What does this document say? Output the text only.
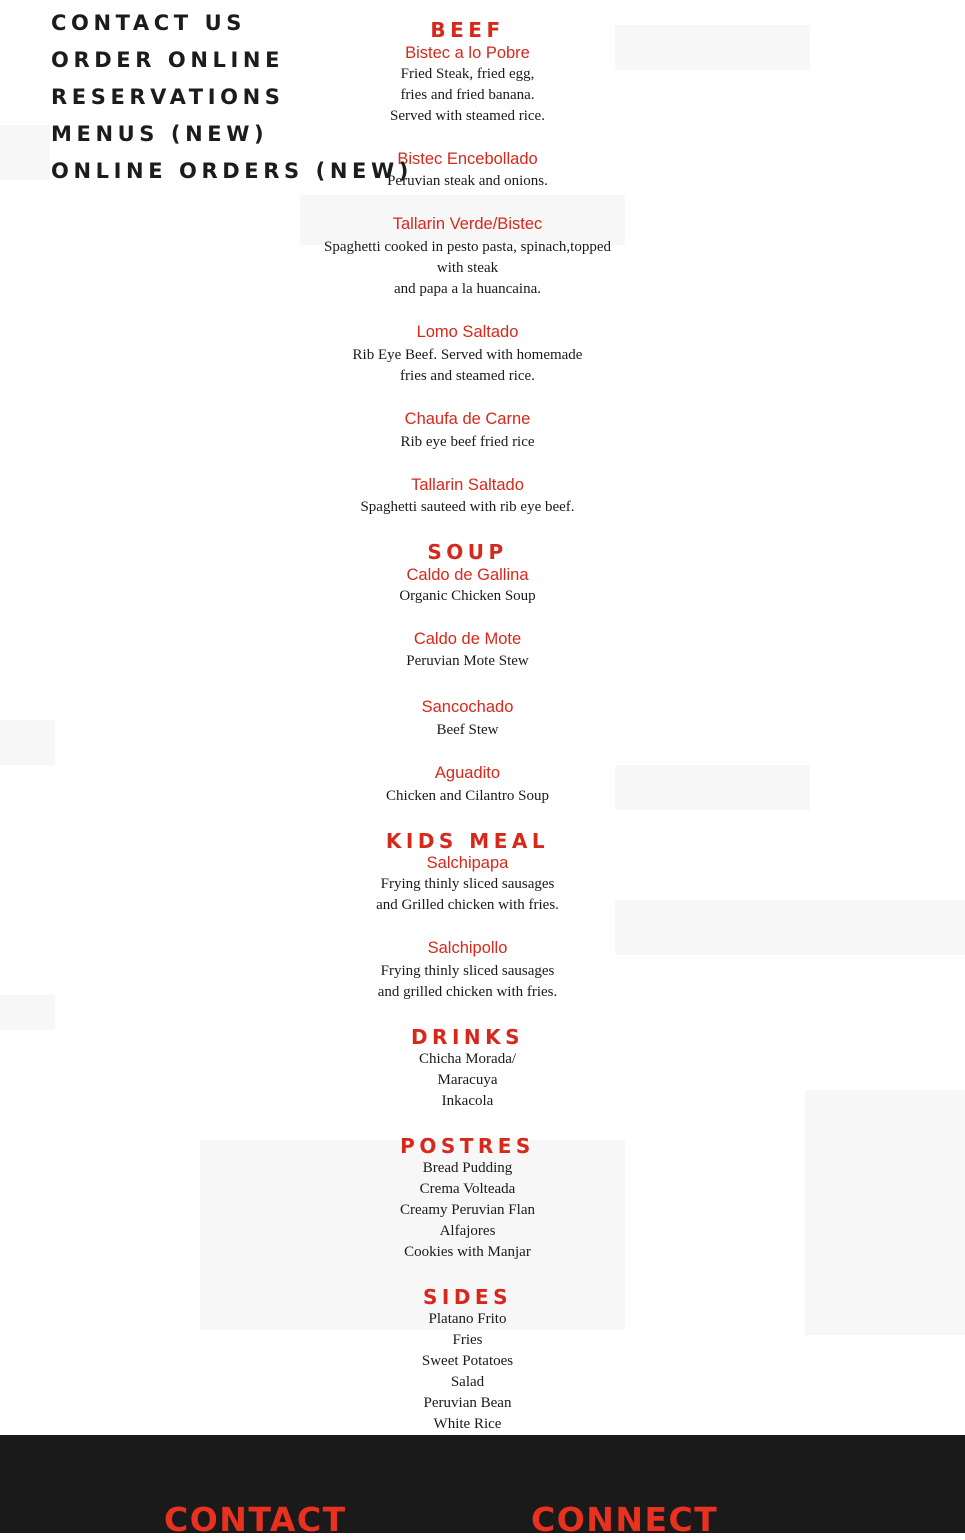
CONTACT US
ORDER ONLINE
RESERVATIONS
MENUS (NEW)
ONLINE ORDERS (NEW)
BEEF
Bistec a lo Pobre
Fried Steak, fried egg,
fries and fried banana.
Served with steamed rice.
Bistec Encebollado
Peruvian steak and onions.
Tallarin Verde/Bistec
Spaghetti cooked in pesto pasta, spinach,topped
with steak
and papa a la huancaina.
Lomo Saltado
Rib Eye Beef. Served with homemade
fries and steamed rice.
Chaufa de Carne
Rib eye beef fried rice
Tallarin Saltado
Spaghetti sauteed with rib eye beef.
SOUP
Caldo de Gallina
Organic Chicken Soup
Caldo de Mote
Peruvian Mote Stew
Sancochado
Beef Stew
Aguadito
Chicken and Cilantro Soup
KIDS MEAL
Salchipapa
Frying thinly sliced sausages
and Grilled chicken with fries.
Salchipollo
Frying thinly sliced sausages
and grilled chicken with fries.
DRINKS
Chicha Morada/
Maracuya
Inkacola
POSTRES
Bread Pudding
Crema Volteada
Creamy Peruvian Flan
Alfajores
Cookies with Manjar
SIDES
Platano Frito
Fries
Sweet Potatoes
Salad
Peruvian Bean
White Rice
CONTACT	CONNECT
